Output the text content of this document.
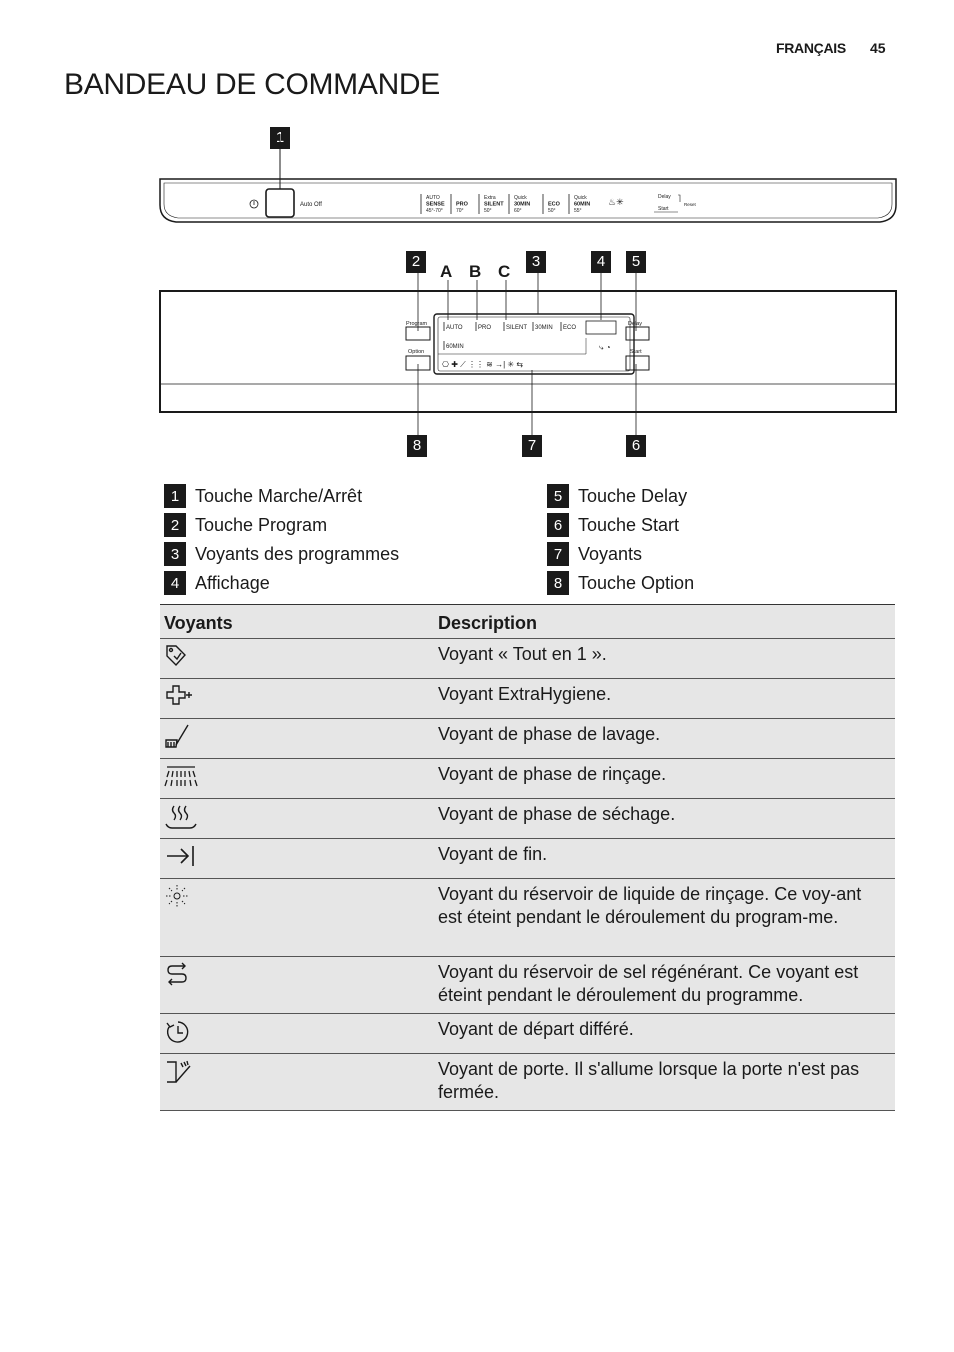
FRANÇAIS 45
BANDEAU DE COMMANDE
1
2	3	4	5
6
7
8
A B C
Auto Off
AUTO
SENSE
45°-70°
PRO
70°
Extra
SILENT
50°
Quick
30MIN
60°
ECO
50°
Quick
60MIN
55°
♨✳	Delay
Start
Reset
Program
Option
Delay
Start
AUTO	PRO SILENT 30MIN ECO
60MIN	⤷ ◔
⎔ ✚ ⟋ ⋮⋮ ≋ →| ✳ ⇆
1 Touche Marche/Arrêt
2 Touche Program
3 Voyants des programmes
4 Affichage
5 Touche Delay
6 Touche Start
7 Voyants
8 Touche Option
Voyants	Description

	Voyant « Tout en 1 ».

	Voyant ExtraHygiene.

	Voyant de phase de lavage.

	Voyant de phase de rinçage.

	Voyant de phase de séchage.

	Voyant de fin.

	Voyant du réservoir de liquide de rinçage. Ce voy-ant est éteint pendant le déroulement du program-me.

	Voyant du réservoir de sel régénérant. Ce voyant est éteint pendant le déroulement du programme.

	Voyant de départ différé.

	Voyant de porte. Il s'allume lorsque la porte n'est pas fermée.
